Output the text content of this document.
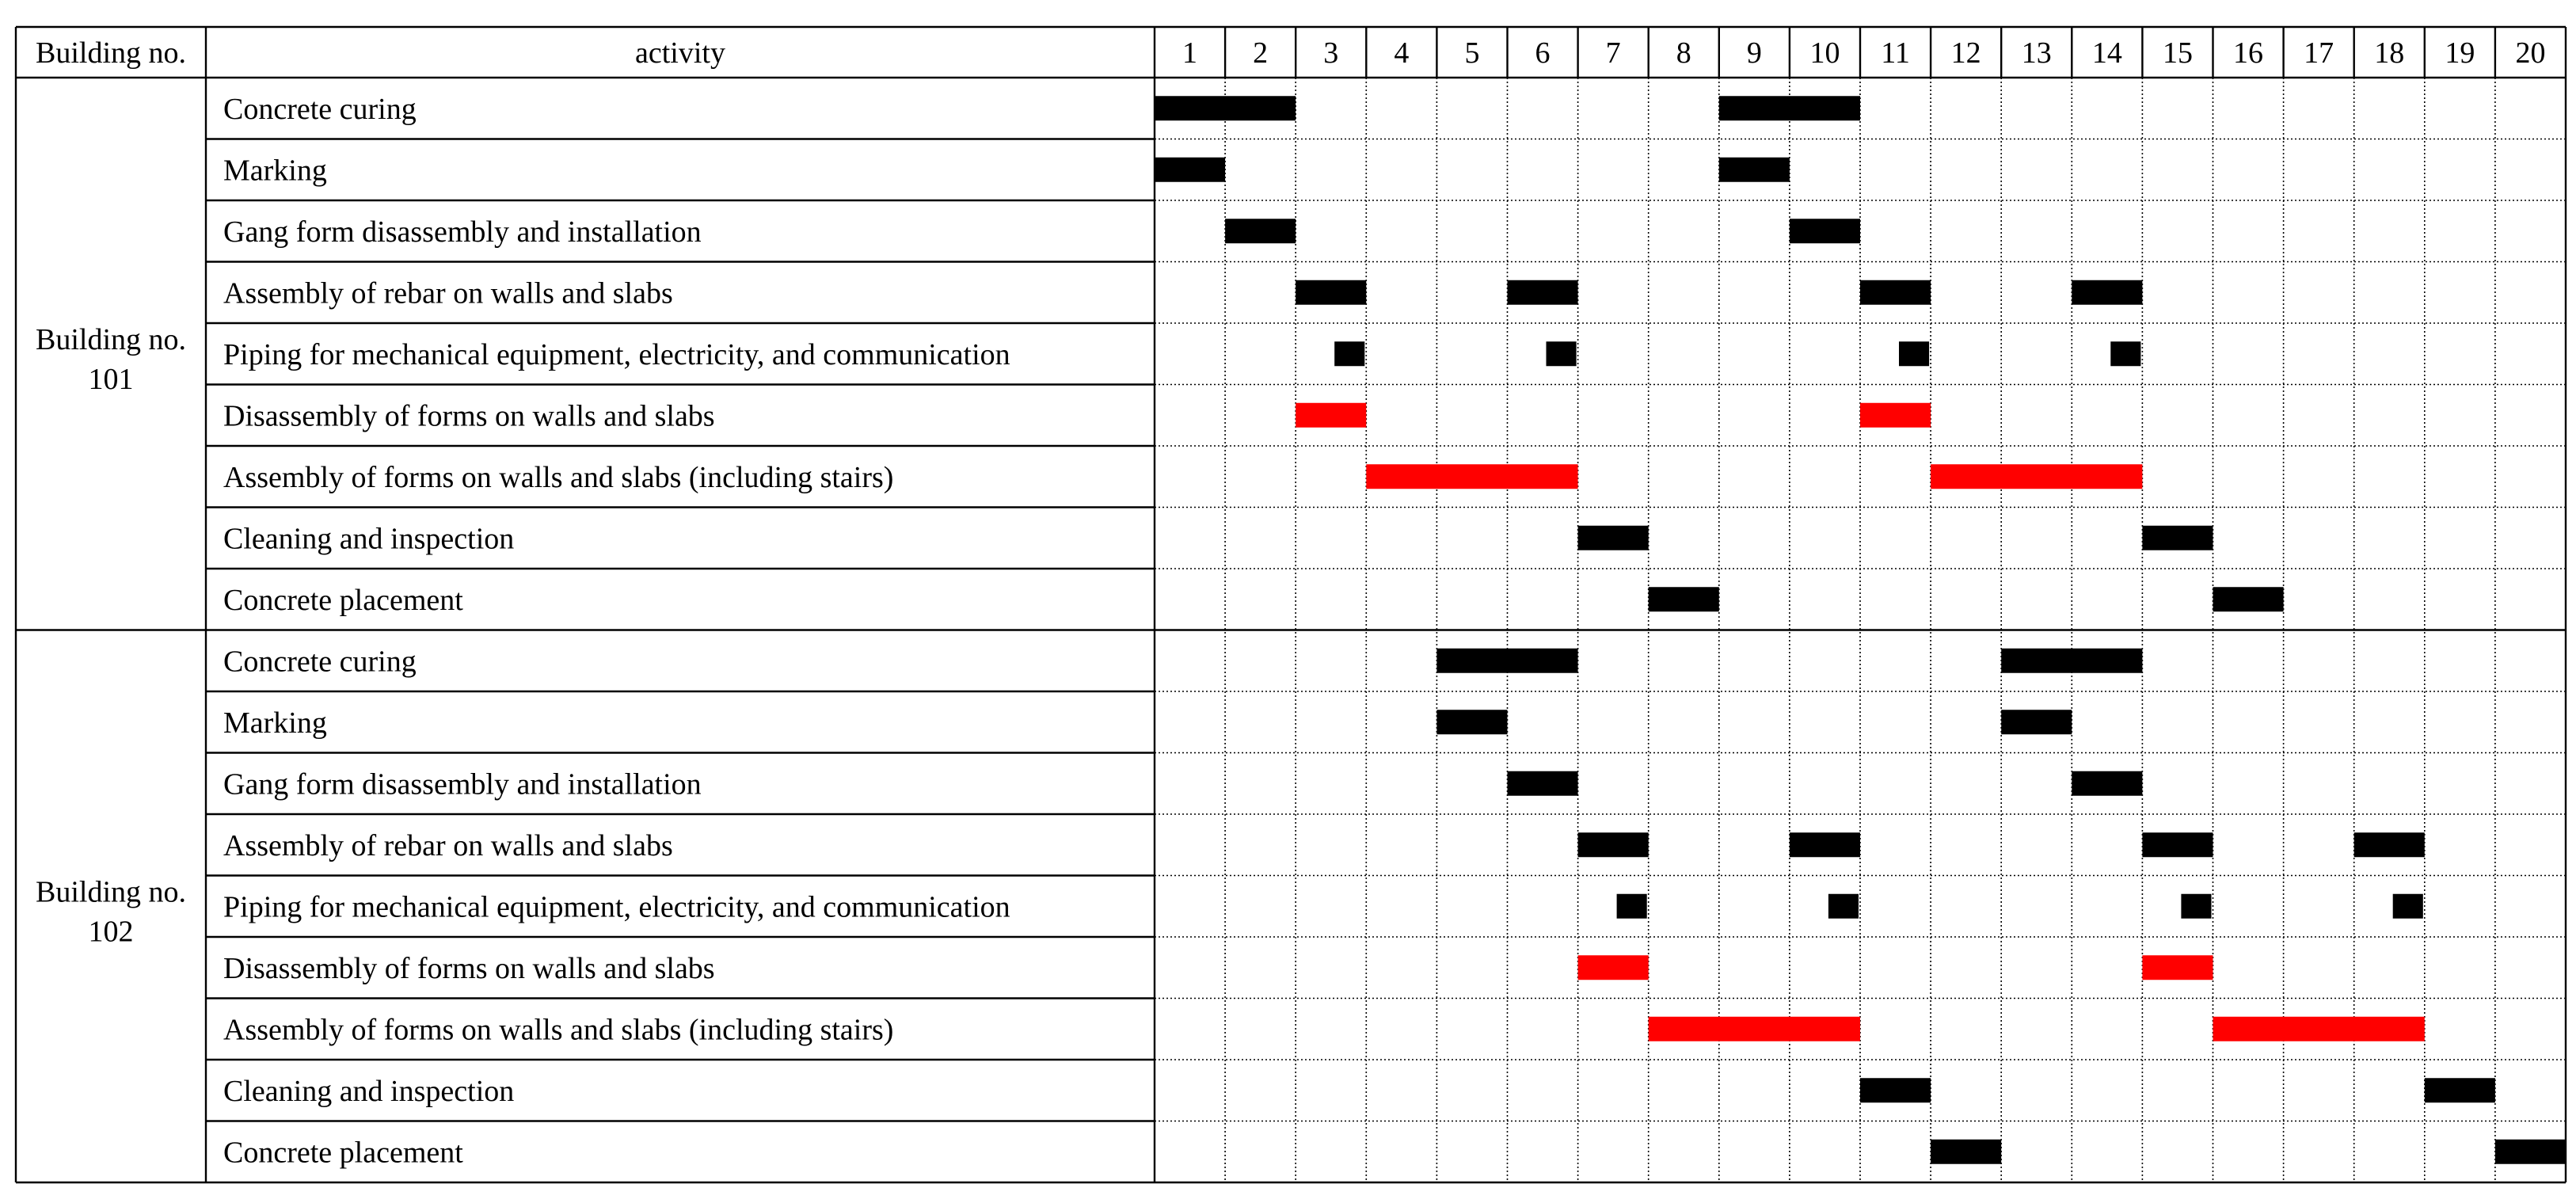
Building no.	activity	1 2 3 4 5 6 7 8 9 10 11 12 13 14 15 16 17 18 19 20
Building no.
101
Concrete curing
Marking
Gang form disassembly and installation
Assembly of rebar on walls and slabs
Piping for mechanical equipment, electricity, and communication
Disassembly of forms on walls and slabs
Assembly of forms on walls and slabs (including stairs)
Cleaning and inspection
Concrete placement
Building no.
102
Concrete curing
Marking
Gang form disassembly and installation
Assembly of rebar on walls and slabs
Piping for mechanical equipment, electricity, and communication
Disassembly of forms on walls and slabs
Assembly of forms on walls and slabs (including stairs)
Cleaning and inspection
Concrete placement
